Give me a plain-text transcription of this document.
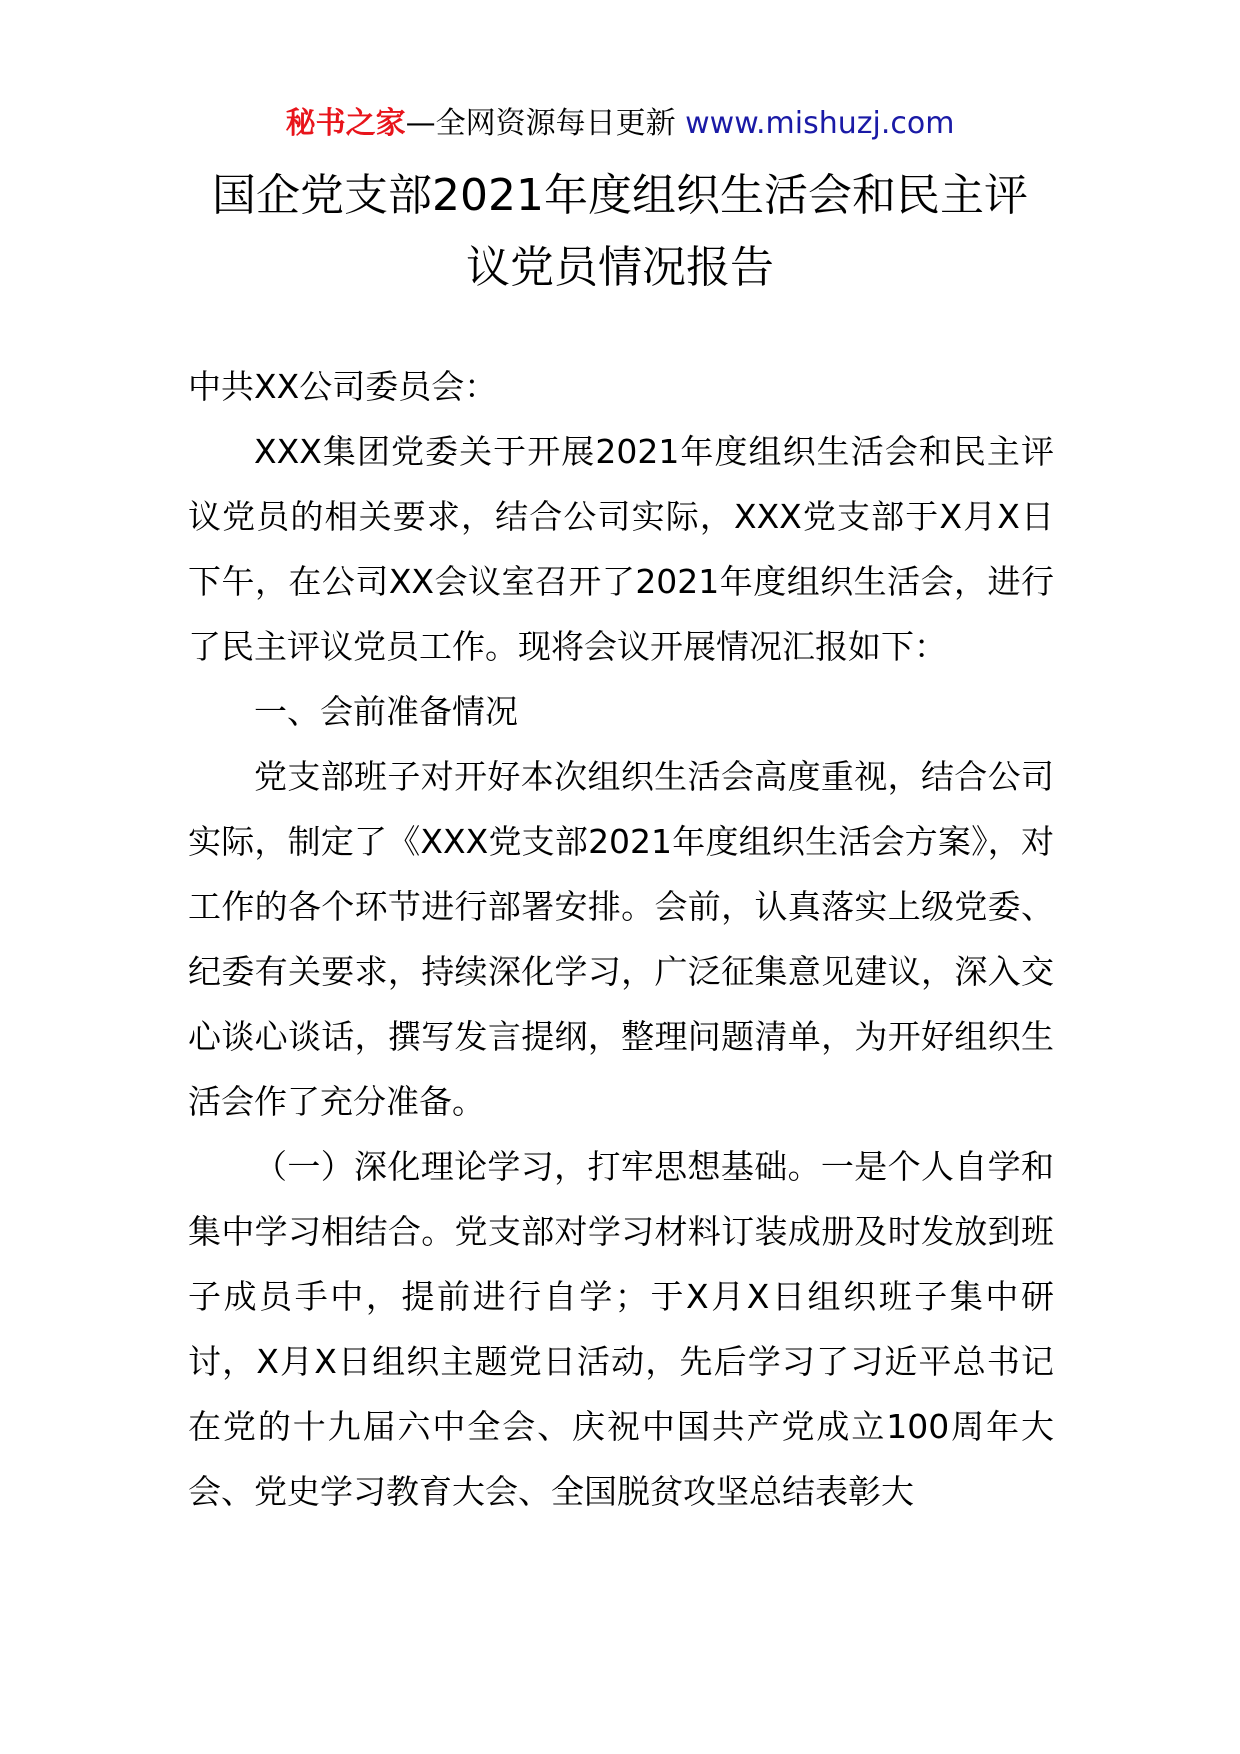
秘书之家—全网资源每日更新 www.mishuzj.com
国企党支部2021年度组织生活会和民主评
议党员情况报告

中共XX公司委员会：

XXX集团党委关于开展2021年度组织生活会和民主评议党员的相关要求，结合公司实际，XXX党支部于X月X日下午，在公司XX会议室召开了2021年度组织生活会，进行了民主评议党员工作。现将会议开展情况汇报如下：

一、会前准备情况

党支部班子对开好本次组织生活会高度重视，结合公司实际，制定了《XXX党支部2021年度组织生活会方案》，对工作的各个环节进行部署安排。会前，认真落实上级党委、纪委有关要求，持续深化学习，广泛征集意见建议，深入交心谈心谈话，撰写发言提纲，整理问题清单，为开好组织生活会作了充分准备。

（一）深化理论学习，打牢思想基础。一是个人自学和集中学习相结合。党支部对学习材料订装成册及时发放到班子成员手中，提前进行自学；于X月X日组织班子集中研讨，X月X日组织主题党日活动，先后学习了习近平总书记在党的十九届六中全会、庆祝中国共产党成立100周年大会、党史学习教育大会、全国脱贫攻坚总结表彰大
